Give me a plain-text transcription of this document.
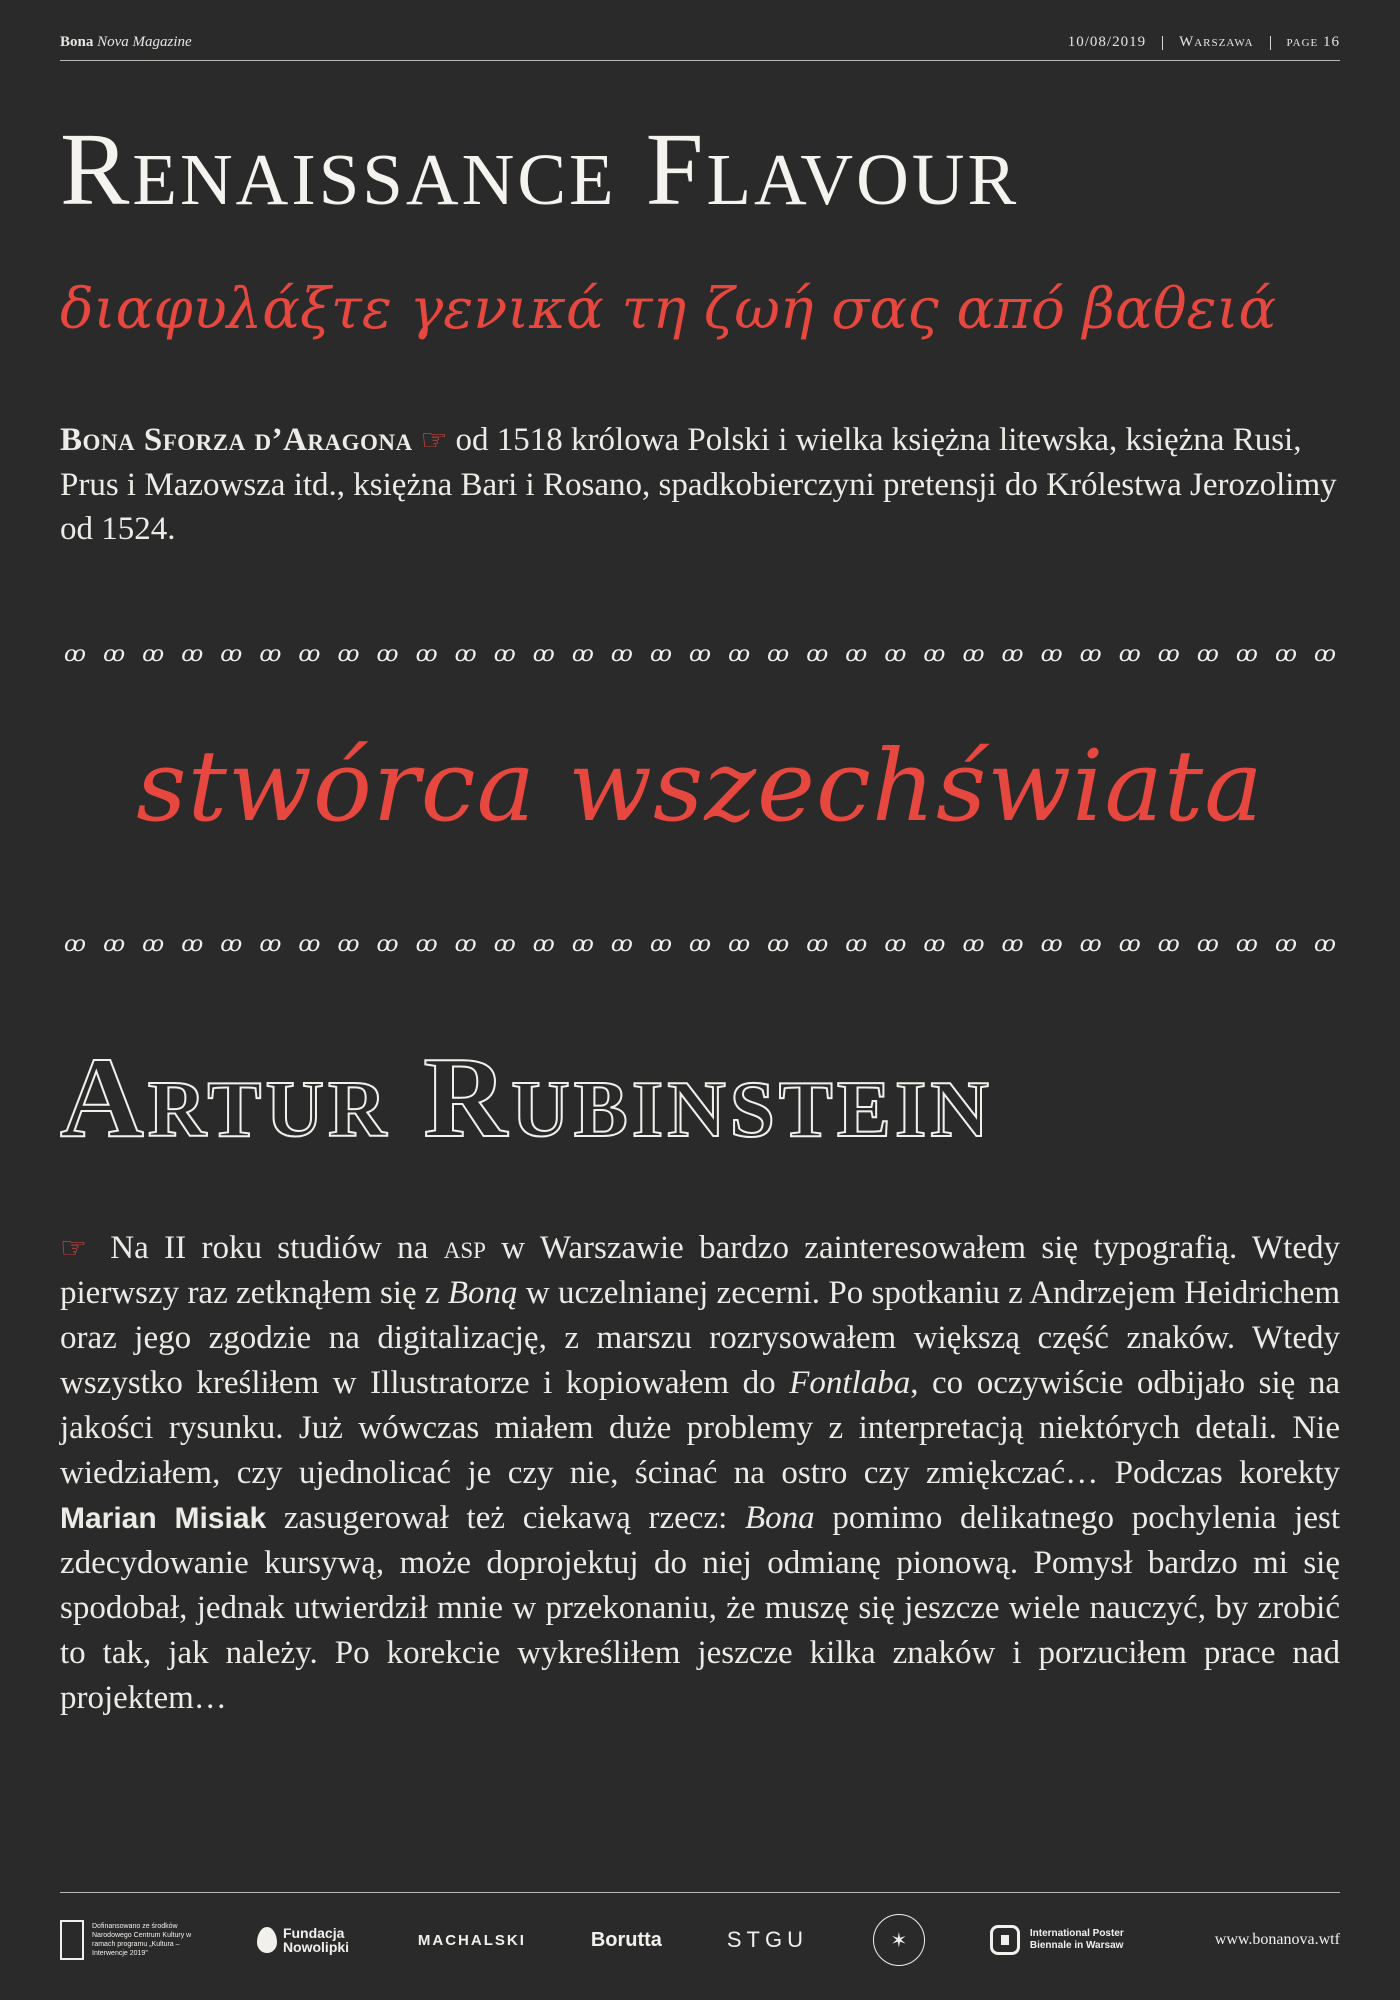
Bona Nova Magazine	10/08/2019	Warszawa	page 16
Renaissance Flavour
διαφυλάξτε γενικά τη ζωή σας από βαθειά

Bona Sforza d’Aragona ☞ od 1518 królowa Polski i wielka księżna litewska, księżna Rusi, Prus i Mazowsza itd., księżna Bari i Rosano, spadkobierczyni pretensji do Królestwa Jerozolimy od 1524.

ꝏ ꝏ ꝏ ꝏ ꝏ ꝏ ꝏ ꝏ ꝏ ꝏ ꝏ ꝏ ꝏ ꝏ ꝏ ꝏ ꝏ ꝏ ꝏ ꝏ ꝏ ꝏ ꝏ ꝏ ꝏ ꝏ ꝏ ꝏ ꝏ ꝏ ꝏ ꝏ ꝏ
stwórca wszechświata
ꝏ ꝏ ꝏ ꝏ ꝏ ꝏ ꝏ ꝏ ꝏ ꝏ ꝏ ꝏ ꝏ ꝏ ꝏ ꝏ ꝏ ꝏ ꝏ ꝏ ꝏ ꝏ ꝏ ꝏ ꝏ ꝏ ꝏ ꝏ ꝏ ꝏ ꝏ ꝏ ꝏ
Artur Rubinstein

☞ Na II roku studiów na asp w Warszawie bardzo zainteresowałem się typografią. Wtedy pierwszy raz zetknąłem się z Boną w uczelnianej zecerni. Po spotkaniu z Andrzejem Heidrichem oraz jego zgodzie na digitalizację, z marszu rozrysowałem większą część znaków. Wtedy wszystko kreśliłem w Illustratorze i kopiowałem do Fontlaba, co oczywiście odbijało się na jakości rysunku. Już wówczas miałem duże problemy z interpretacją niektórych detali. Nie wiedziałem, czy ujednolicać je czy nie, ścinać na ostro czy zmiękczać… Podczas korekty Marian Misiak zasugerował też ciekawą rzecz: Bona pomimo delikatnego pochylenia jest zdecydowanie kursywą, może doprojektuj do niej odmianę pionową. Pomysł bardzo mi się spodobał, jednak utwierdził mnie w przekonaniu, że muszę się jeszcze wiele nauczyć, by zrobić to tak, jak należy. Po korekcie wykreśliłem jeszcze kilka znaków i porzuciłem prace nad projektem…

Dofinansowano ze środków Narodowego Centrum Kultury w ramach programu „Kultura – Interwencje 2019”
Fundacja Nowolipki	MACHALSKI	Borutta	STGU	✶	International Poster Biennale in Warsaw	www.bonanova.wtf
